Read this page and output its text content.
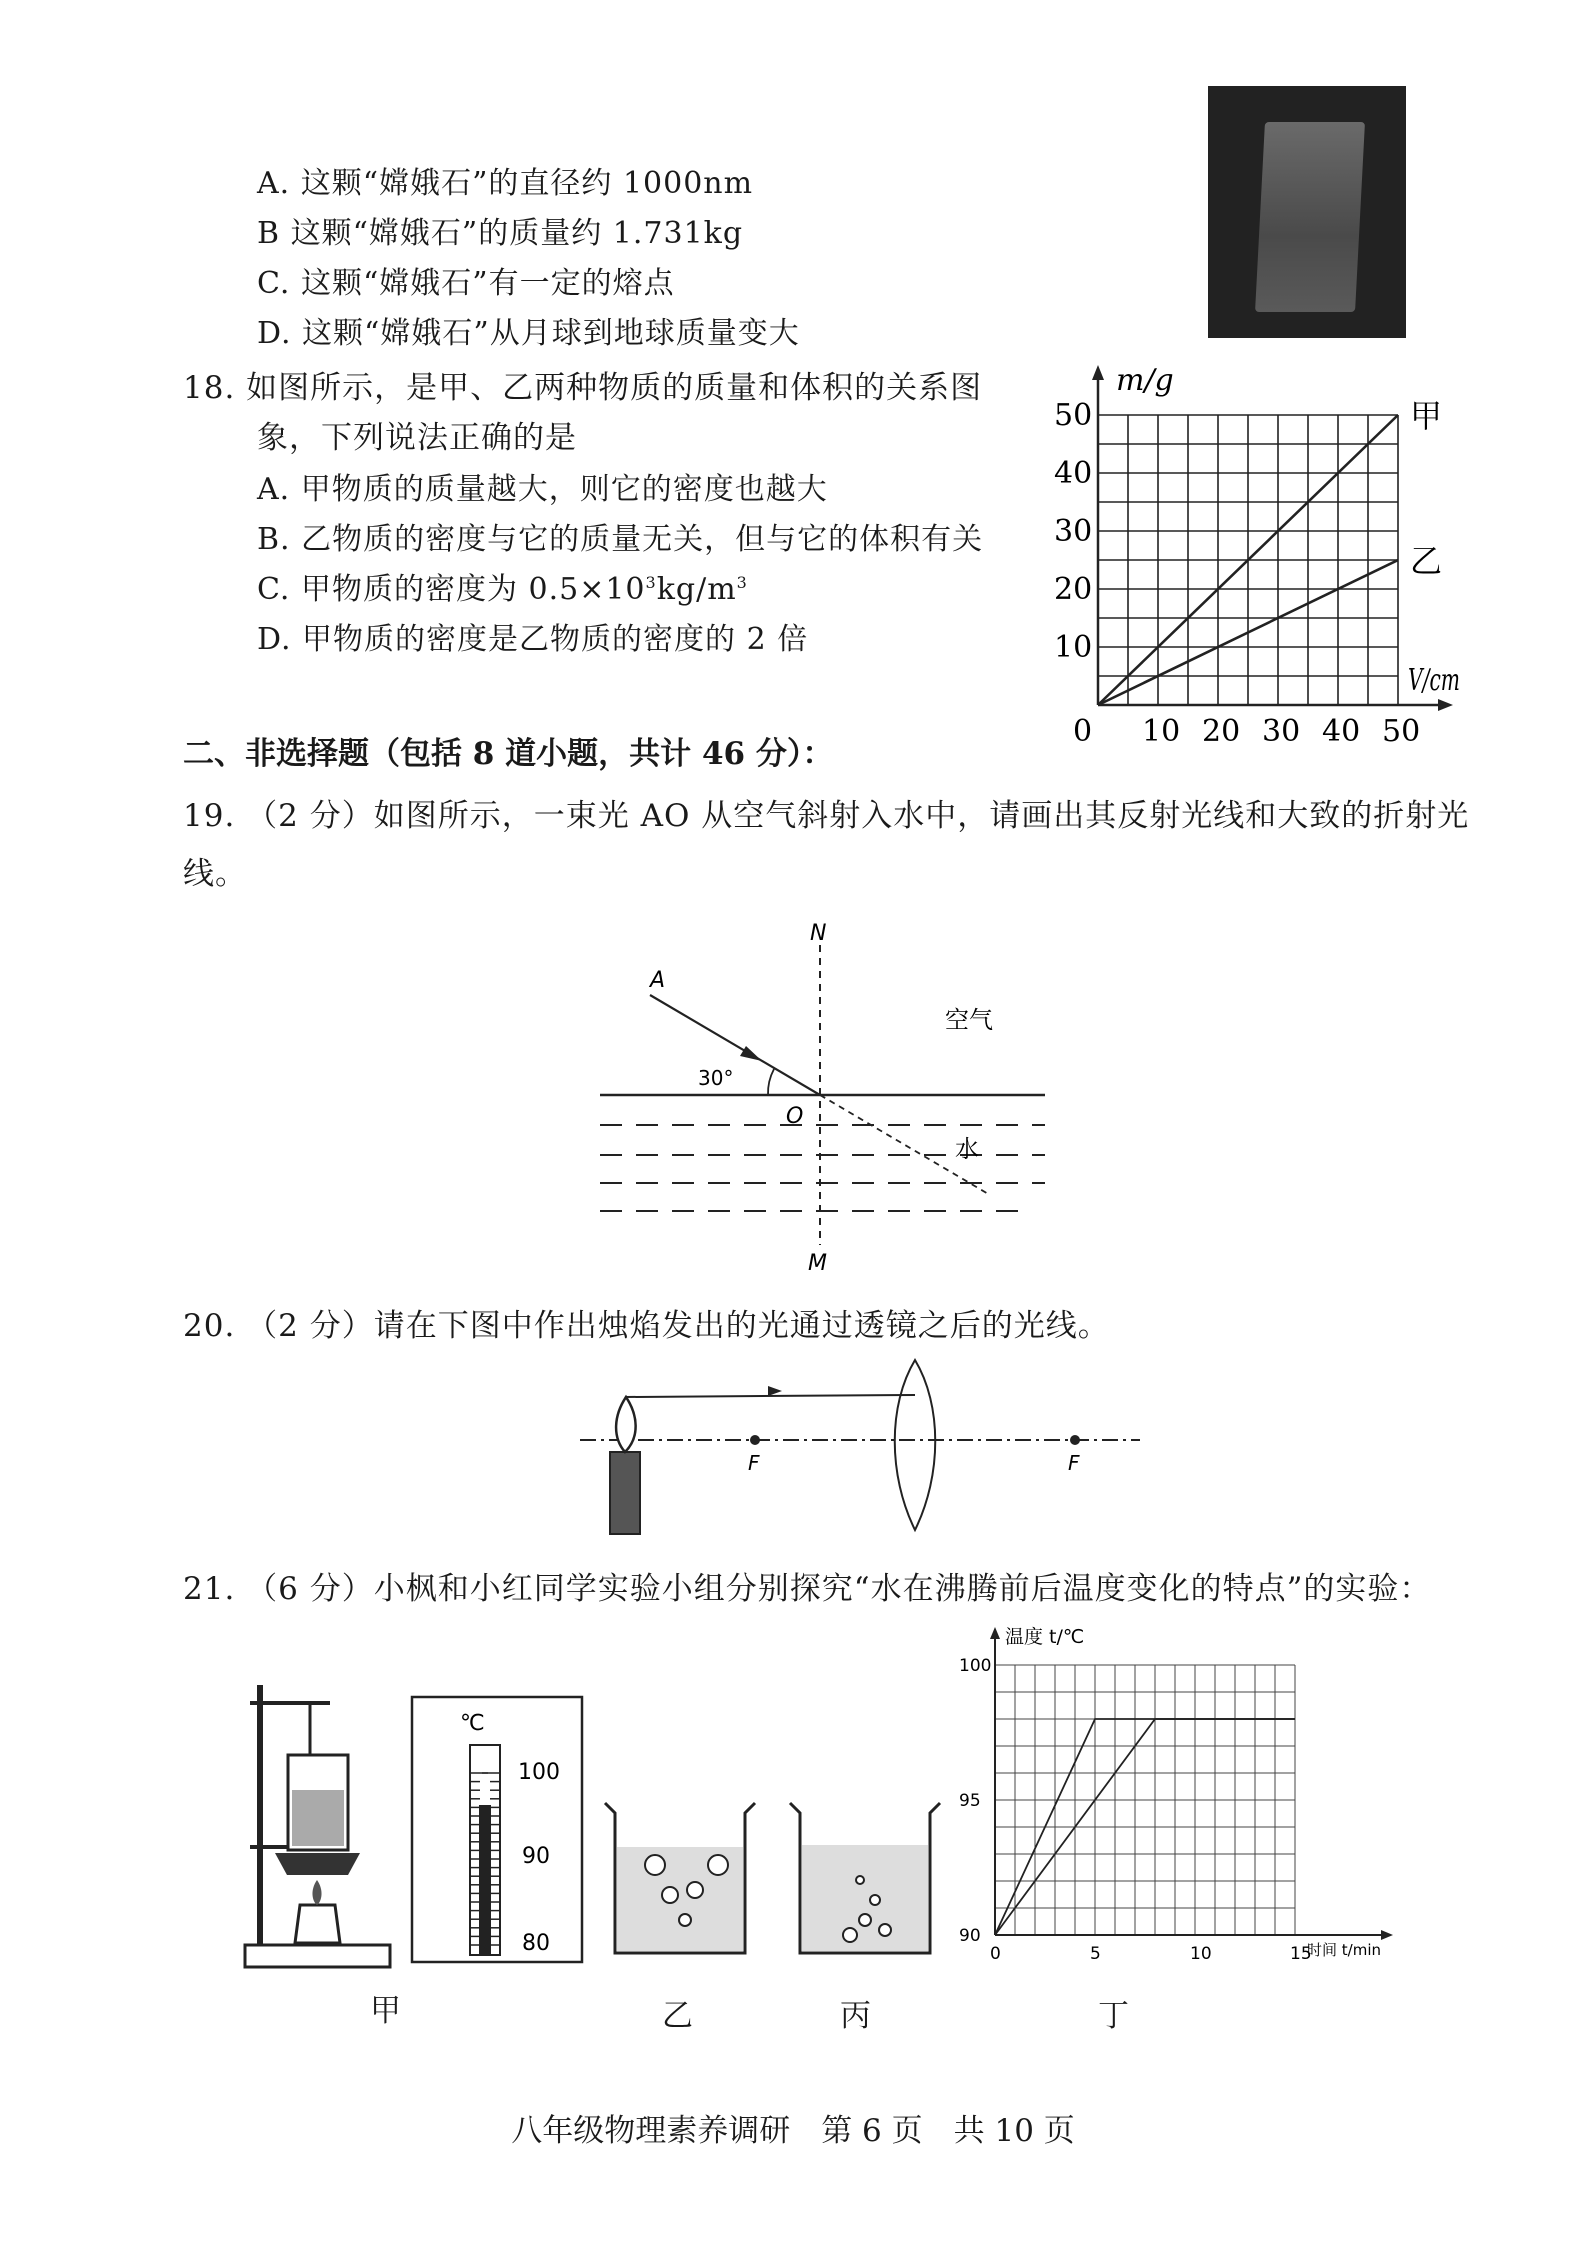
A. 这颗“嫦娥石”的直径约 1000nm
B 这颗“嫦娥石”的质量约 1.731kg
C. 这颗“嫦娥石”有一定的熔点
D. 这颗“嫦娥石”从月球到地球质量变大
18. 如图所示，是甲、乙两种物质的质量和体积的关系图
象，下列说法正确的是
A. 甲物质的质量越大，则它的密度也越大
B. 乙物质的密度与它的质量无关，但与它的体积有关
C. 甲物质的密度为 $0.5\times 10^3kg/m^3$
D. 甲物质的密度是乙物质的密度的 2 倍
甲
乙
0 10 20 30 40 50
10
20
30
40
50
m/g
V/cm
二、非选择题（包括 8 道小题，共计 46 分）：
19. （2 分）如图所示，一束光 AO 从空气斜射入水中，请画出其反射光线和大致的折射光
线。
N
A
30°
空气
O
水
M
20. （2 分）请在下图中作出烛焰发出的光通过透镜之后的光线。
F	F
21. （6 分）小枫和小红同学实验小组分别探究“水在沸腾前后温度变化的特点”的实验：
℃
100
90
80	0	5	10	15
90
95
100
温度 t/℃
时间 t/min
甲	乙	丙	丁
八年级物理素养调研　第 6 页　共 10 页
